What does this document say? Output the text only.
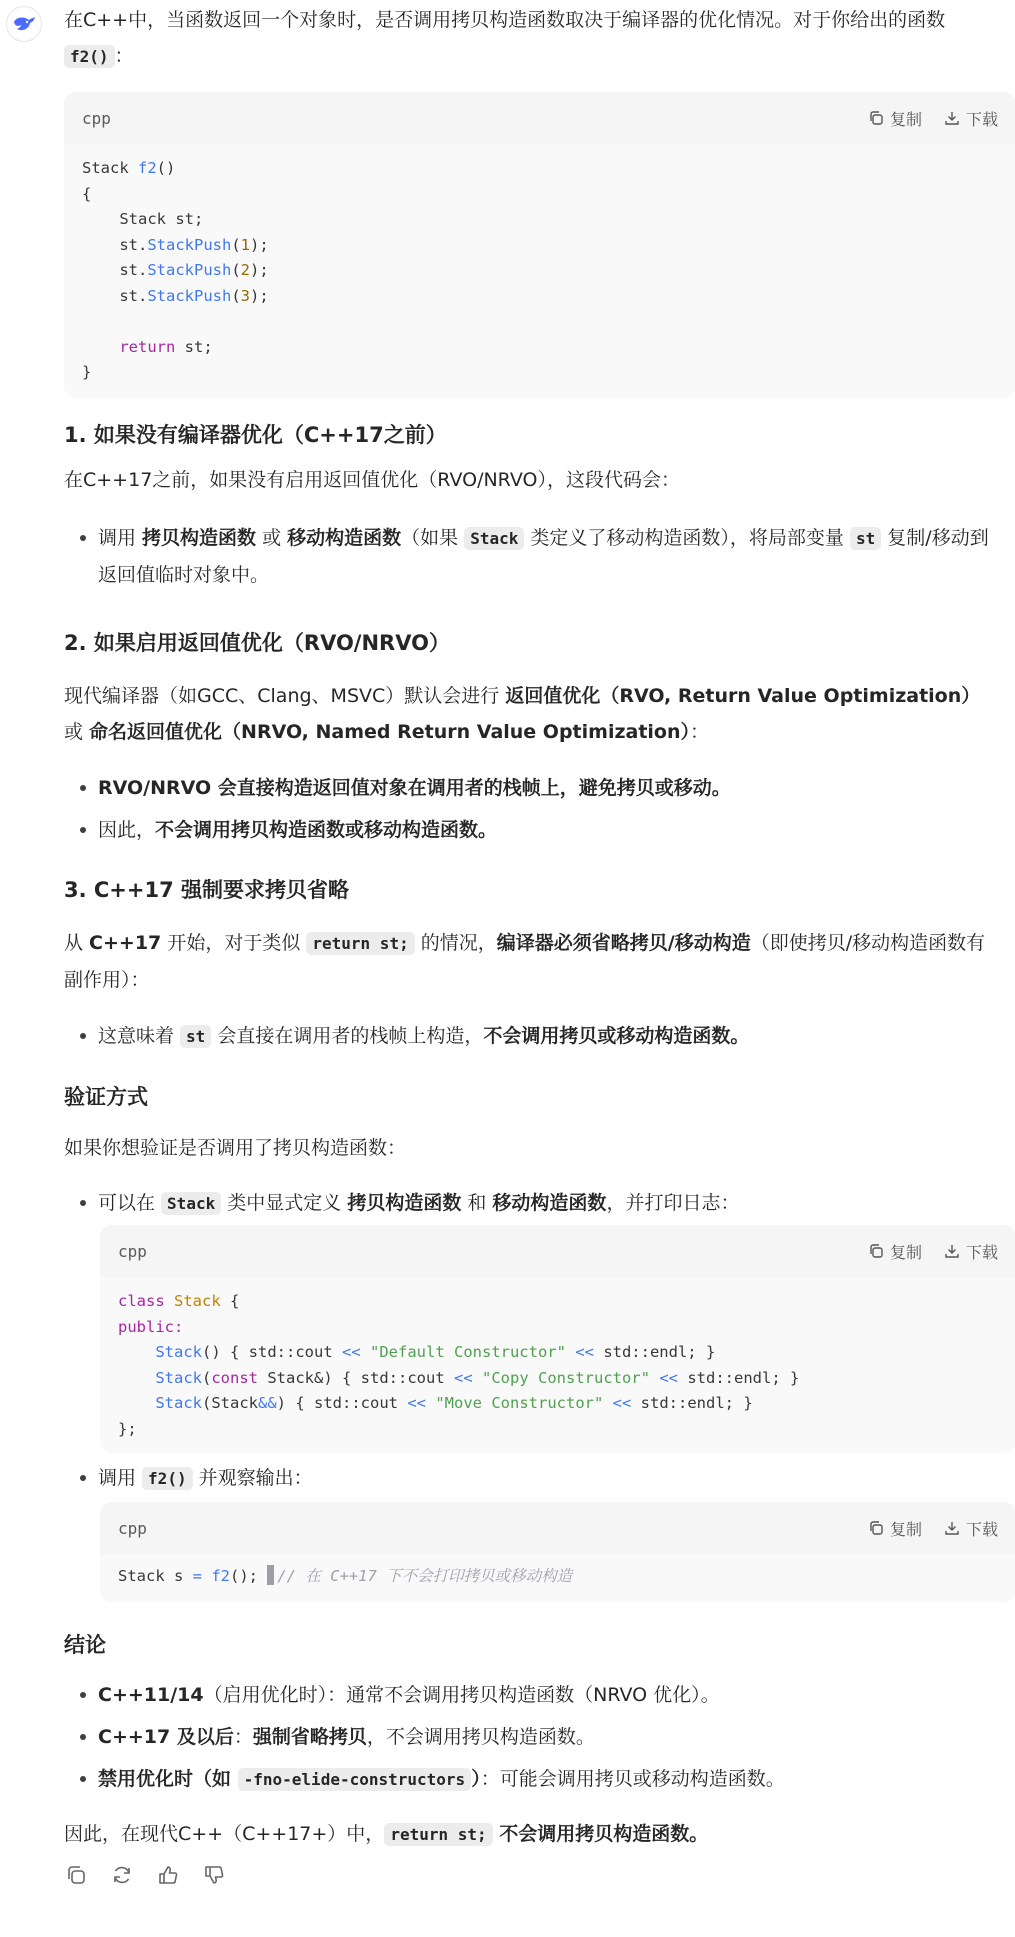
在C++中，当函数返回一个对象时，是否调用拷贝构造函数取决于编译器的优化情况。对于你给出的函数
f2() ：

cpp	复制	下载
Stack f2()
{
Stack st;
st.StackPush(1);
st.StackPush(2);
st.StackPush(3);

return st;
}
1. 如果没有编译器优化（C++17之前）

在C++17之前，如果没有启用返回值优化（RVO/NRVO），这段代码会：

调用 拷贝构造函数 或 移动构造函数（如果 Stack 类定义了移动构造函数），将局部变量 st 复制/移动到返回值临时对象中。
2. 如果启用返回值优化（RVO/NRVO）

现代编译器（如GCC、Clang、MSVC）默认会进行 返回值优化（RVO, Return Value Optimization） 或 命名返回值优化（NRVO, Named Return Value Optimization）：

RVO/NRVO 会直接构造返回值对象在调用者的栈帧上，避免拷贝或移动。
因此，不会调用拷贝构造函数或移动构造函数。
3. C++17 强制要求拷贝省略

从 C++17 开始，对于类似 return st; 的情况，编译器必须省略拷贝/移动构造（即使拷贝/移动构造函数有副作用）：

这意味着 st 会直接在调用者的栈帧上构造，不会调用拷贝或移动构造函数。
验证方式

如果你想验证是否调用了拷贝构造函数：

可以在 Stack 类中显式定义 拷贝构造函数 和 移动构造函数，并打印日志：
cpp	复制	下载
class Stack {
public:
Stack() { std::cout << "Default Constructor" << std::endl; }
Stack(const Stack&) { std::cout << "Copy Constructor" << std::endl; }
Stack(Stack&&) { std::cout << "Move Constructor" << std::endl; }
};
调用 f2() 并观察输出：
cpp	复制	下载
Stack s = f2(); // 在 C++17 下不会打印拷贝或移动构造
结论
C++11/14（启用优化时）：通常不会调用拷贝构造函数（NRVO 优化）。
C++17 及以后：强制省略拷贝，不会调用拷贝构造函数。
禁用优化时（如 -fno-elide-constructors ）：可能会调用拷贝或移动构造函数。

因此，在现代C++（C++17+）中， return st; 不会调用拷贝构造函数。
